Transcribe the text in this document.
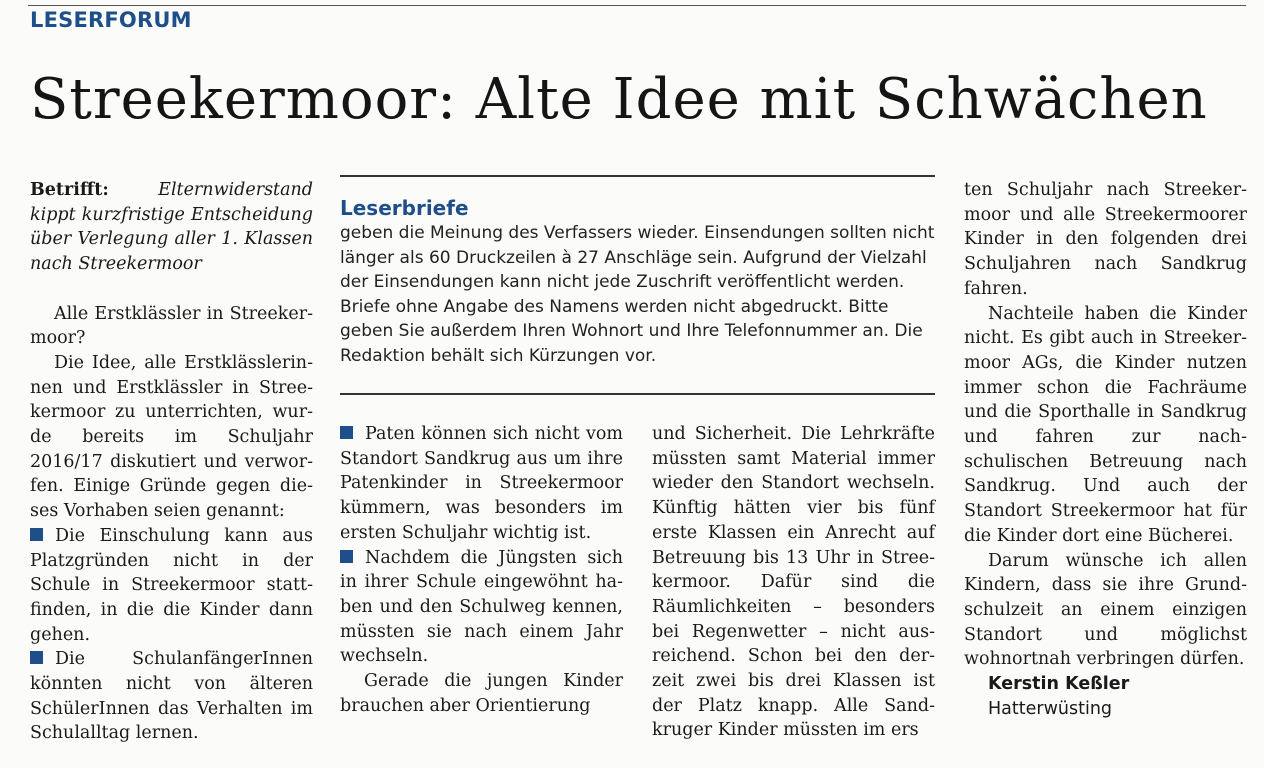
LESERFORUM
Streekermoor: Alte Idee mit Schwächen

Betrifft:	Elternwiderstand kippt kurzfristige Entscheidung über Verlegung aller 1. Klassen nach Streekermoor

Alle Erstklässler in Streekermoor?

Die Idee, alle Erstklässlerinnen und Erstklässler in Streekermoor zu unterrichten, wurde bereits im Schuljahr 2016/17 diskutiert und verworfen. Einige Gründe gegen dieses Vorhaben seien genannt:

Die Einschulung kann aus Platzgründen nicht in der Schule in Streekermoor stattfinden, in die die Kinder dann gehen.

Die SchulanfängerInnen könnten nicht von älteren SchülerInnen das Verhalten im Schulalltag lernen.

Leserbriefe
geben die Meinung des Verfassers wieder. Einsendungen sollten nicht länger als 60 Druckzeilen à 27 Anschläge sein. Aufgrund der Vielzahl der Einsendungen kann nicht jede Zuschrift veröffentlicht werden. Briefe ohne Angabe des Namens werden nicht abgedruckt. Bitte geben Sie außerdem Ihren Wohnort und Ihre Telefonnummer an. Die Redaktion behält sich Kürzungen vor.

Paten können sich nicht vom Standort Sandkrug aus um ihre Patenkinder in Streekermoor kümmern, was besonders im ersten Schuljahr wichtig ist.

Nachdem die Jüngsten sich in ihrer Schule eingewöhnt haben und den Schulweg kennen, müssten sie nach einem Jahr wechseln.

Gerade die jungen Kinder brauchen aber Orientierung

und Sicherheit. Die Lehrkräfte müssten samt Material immer wieder den Standort wechseln. Künftig hätten vier bis fünf erste Klassen ein Anrecht auf Betreuung bis 13 Uhr in Streekermoor. Dafür sind die Räumlichkeiten – besonders bei Regenwetter – nicht ausreichend. Schon bei den derzeit zwei bis drei Klassen ist der Platz knapp. Alle Sandkruger Kinder müssten im ers

ten Schuljahr nach Streekermoor und alle Streekermoorer Kinder in den folgenden drei Schuljahren nach Sandkrug fahren.

Nachteile haben die Kinder nicht. Es gibt auch in Streekermoor AGs, die Kinder nutzen immer schon die Fachräume und die Sporthalle in Sandkrug und fahren zur nachschulischen Betreuung nach Sandkrug. Und auch der Standort Streekermoor hat für die Kinder dort eine Bücherei.

Darum wünsche ich allen Kindern, dass sie ihre Grundschulzeit an einem einzigen Standort und möglichst wohnortnah verbringen dürfen.

Kerstin Keßler

Hatterwüsting
